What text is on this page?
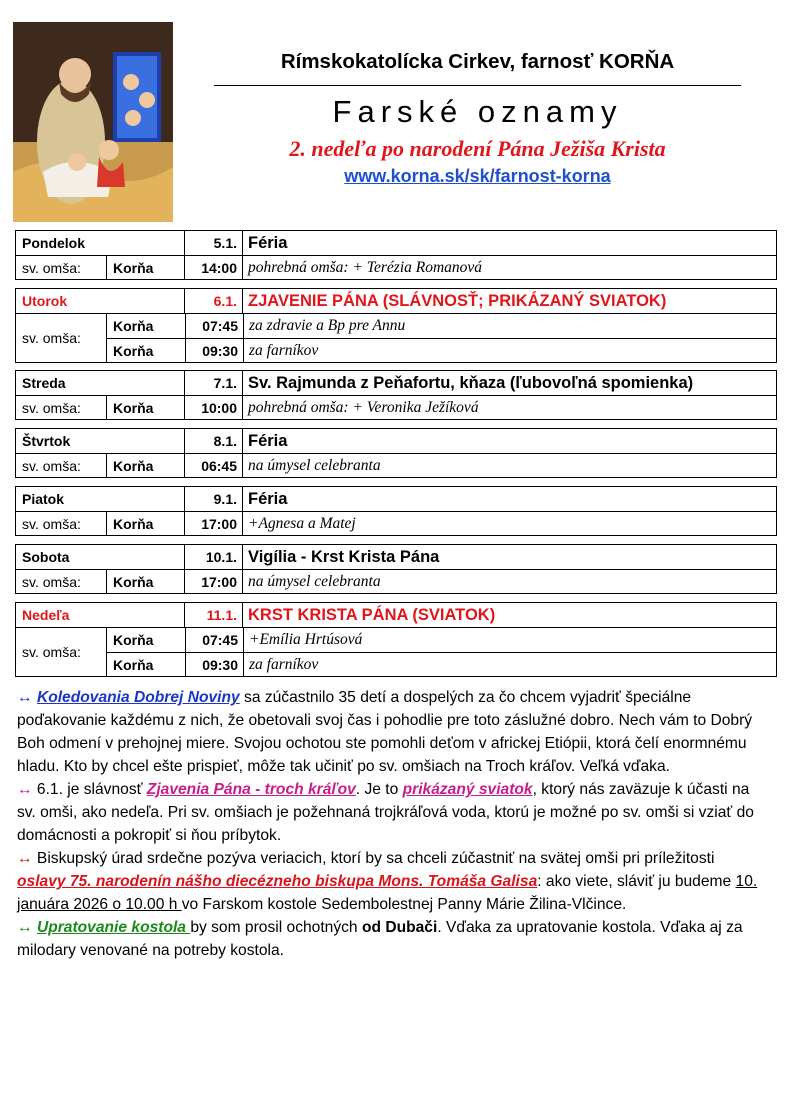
Rímskokatolícka Cirkev, farnosť KORŇA
Farské oznamy
2. nedeľa po narodení Pána Ježiša Krista
www.korna.sk/sk/farnost-korna
Pondelok	5.1. Féria
sv. omša:	Korňa	14:00 pohrebná omša: + Terézia Romanová
Utorok	6.1. ZJAVENIE PÁNA (SLÁVNOSŤ; PRIKÁZANÝ SVIATOK)
sv. omša:
Korňa	07:45 za zdravie a Bp pre Annu
Korňa	09:30 za farníkov
Streda	7.1. Sv. Rajmunda z Peňafortu, kňaza (ľubovoľná spomienka)
sv. omša:	Korňa	10:00 pohrebná omša: + Veronika Ježíková
Štvrtok	8.1. Féria
sv. omša:	Korňa	06:45 na úmysel celebranta
Piatok	9.1. Féria
sv. omša:	Korňa	17:00 +Agnesa a Matej
Sobota	10.1. Vigília - Krst Krista Pána
sv. omša:	Korňa	17:00 na úmysel celebranta
Nedeľa	11.1. KRST KRISTA PÁNA (SVIATOK)
sv. omša:
Korňa	07:45 +Emília Hrtúsová
Korňa	09:30 za farníkov

↔ Koledovania Dobrej Noviny sa zúčastnilo 35 detí a dospelých za čo chcem vyjadriť špeciálne poďakovanie každému z nich, že obetovali svoj čas i pohodlie pre toto záslužné dobro. Nech vám to Dobrý Boh odmení v prehojnej miere. Svojou ochotou ste pomohli deťom v africkej Etiópii, ktorá čelí enormnému hladu. Kto by chcel ešte prispieť, môže tak učiniť po sv. omšiach na Troch kráľov. Veľká vďaka.

↔ 6.1. je slávnosť Zjavenia Pána - troch kráľov. Je to prikázaný sviatok, ktorý nás zaväzuje k účasti na sv. omši, ako nedeľa. Pri sv. omšiach je požehnaná trojkráľová voda, ktorú je možné po sv. omši si vziať do domácnosti a pokropiť si ňou príbytok.

↔ Biskupský úrad srdečne pozýva veriacich, ktorí by sa chceli zúčastniť na svätej omši pri príležitosti oslavy 75. narodenín nášho diecézneho biskupa Mons. Tomáša Galisa: ako viete, sláviť ju budeme 10. januára 2026 o 10.00 h vo Farskom kostole Sedembolestnej Panny Márie Žilina-Vlčince.

↔ Upratovanie kostola by som prosil ochotných od Dubači. Vďaka za upratovanie kostola. Vďaka aj za milodary venované na potreby kostola.
